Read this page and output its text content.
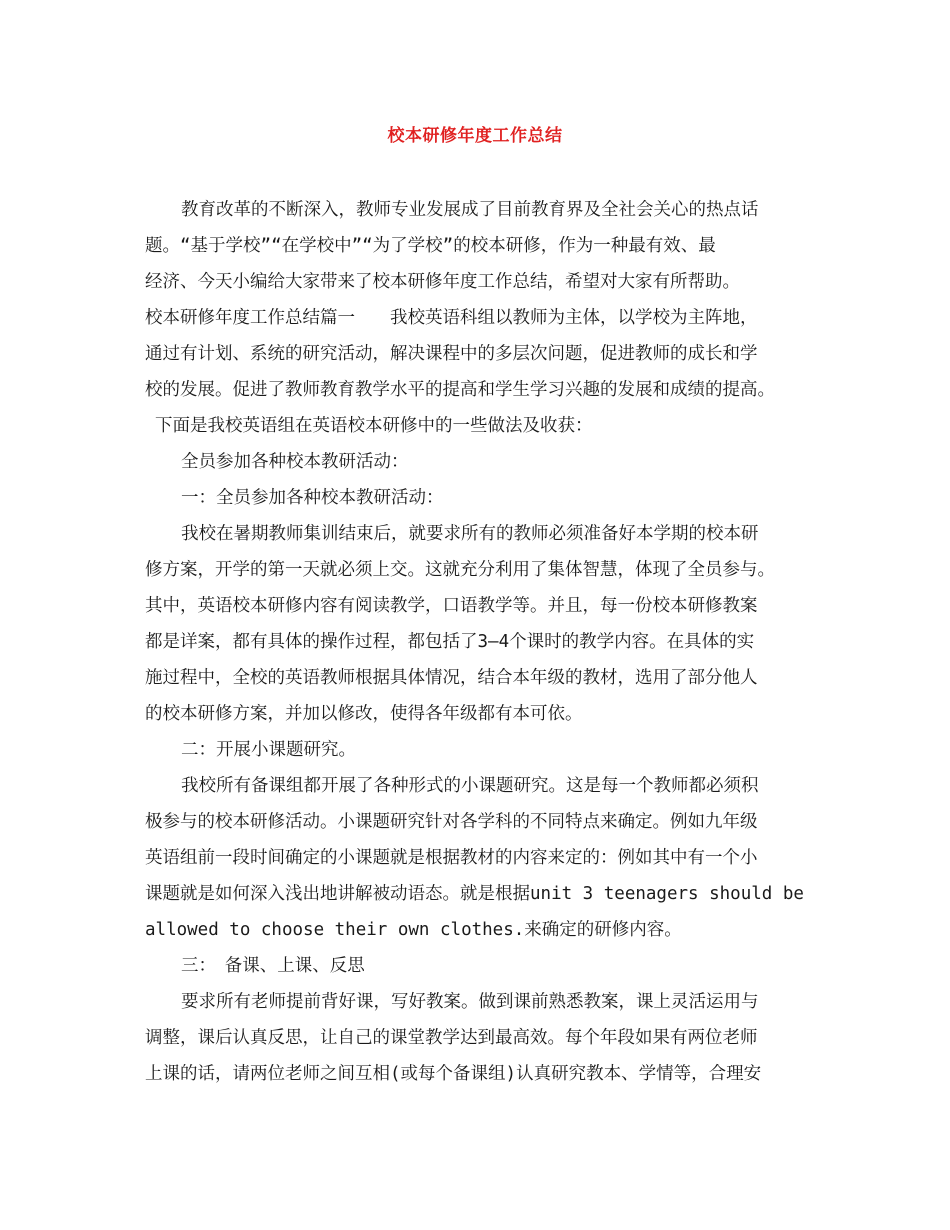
校本研修年度工作总结
教育改革的不断深入，教师专业发展成了目前教育界及全社会关心的热点话
题。“基于学校”“在学校中”“为了学校”的校本研修，作为一种最有效、最
经济、今天小编给大家带来了校本研修年度工作总结，希望对大家有所帮助。
校本研修年度工作总结篇一　　我校英语科组以教师为主体，以学校为主阵地，
通过有计划、系统的研究活动，解决课程中的多层次问题，促进教师的成长和学
校的发展。促进了教师教育教学水平的提高和学生学习兴趣的发展和成绩的提高。
下面是我校英语组在英语校本研修中的一些做法及收获：
全员参加各种校本教研活动：
一：全员参加各种校本教研活动：
我校在暑期教师集训结束后，就要求所有的教师必须准备好本学期的校本研
修方案，开学的第一天就必须上交。这就充分利用了集体智慧，体现了全员参与。
其中，英语校本研修内容有阅读教学，口语教学等。并且，每一份校本研修教案
都是详案，都有具体的操作过程，都包括了3—4个课时的教学内容。在具体的实
施过程中，全校的英语教师根据具体情况，结合本年级的教材，选用了部分他人
的校本研修方案，并加以修改，使得各年级都有本可依。
二：开展小课题研究。
我校所有备课组都开展了各种形式的小课题研究。这是每一个教师都必须积
极参与的校本研修活动。小课题研究针对各学科的不同特点来确定。例如九年级
英语组前一段时间确定的小课题就是根据教材的内容来定的：例如其中有一个小
课题就是如何深入浅出地讲解被动语态。就是根据unit 3 teenagers should be
allowed to choose their own clothes.来确定的研修内容。
三：　备课、上课、反思
要求所有老师提前背好课，写好教案。做到课前熟悉教案，课上灵活运用与
调整，课后认真反思，让自己的课堂教学达到最高效。每个年段如果有两位老师
上课的话，请两位老师之间互相(或每个备课组)认真研究教本、学情等，合理安
